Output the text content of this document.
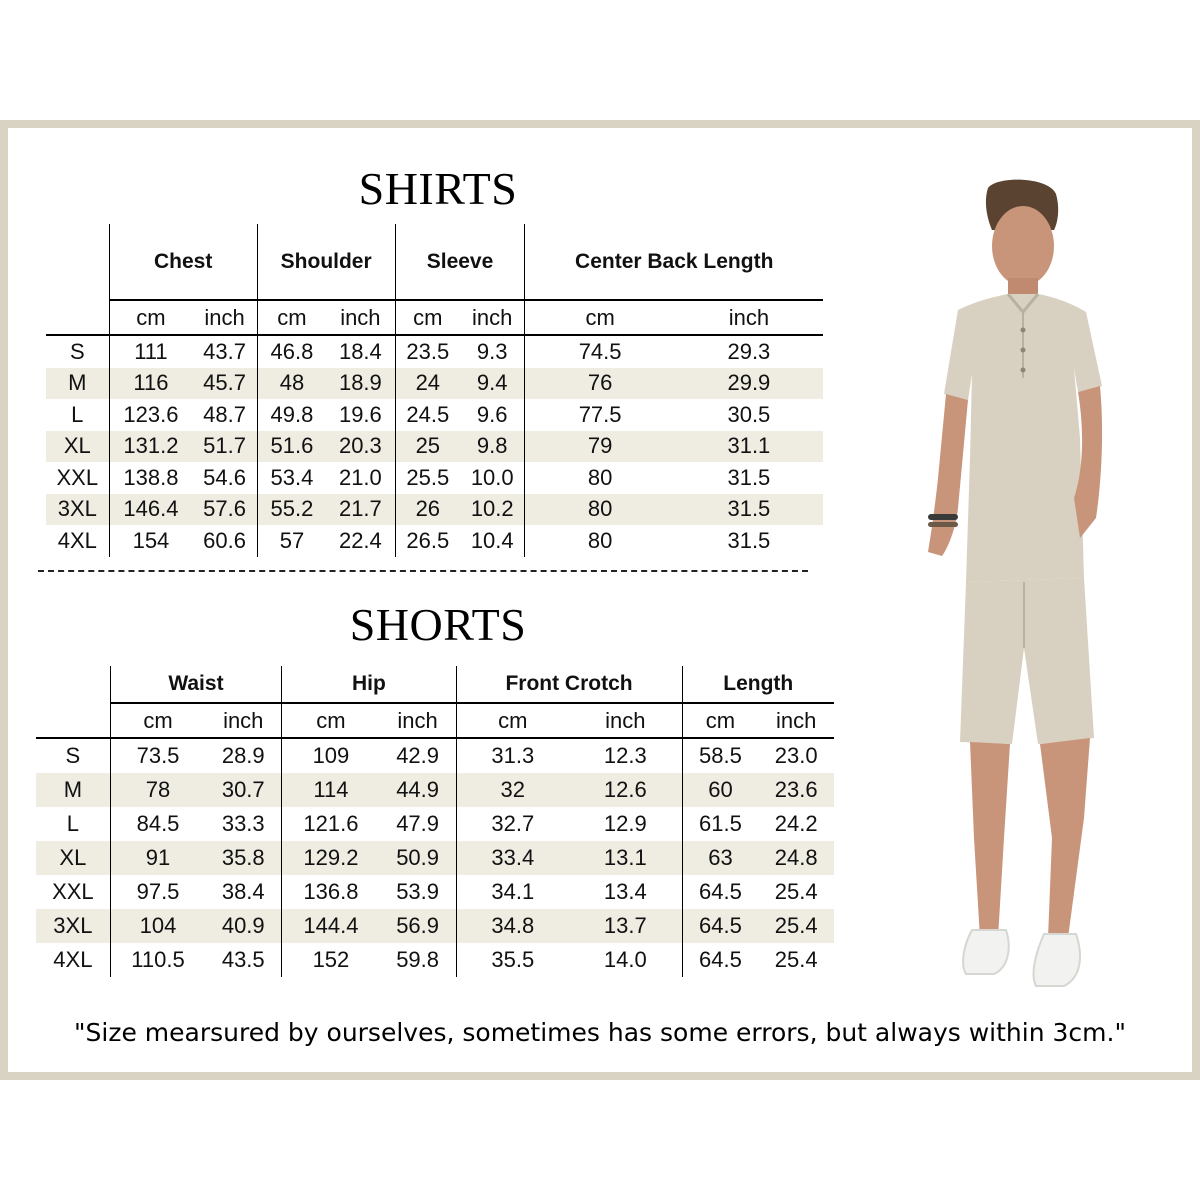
SHIRTS
	Chest		Shoulder		Sleeve		Center Back Length	
	cm	inch	cm	inch	cm	inch	cm	inch
S	111	43.7	46.8	18.4	23.5	9.3	74.5	29.3
M	116	45.7	48	18.9	24	9.4	76	29.9
L	123.6	48.7	49.8	19.6	24.5	9.6	77.5	30.5
XL	131.2	51.7	51.6	20.3	25	9.8	79	31.1
XXL	138.8	54.6	53.4	21.0	25.5	10.0	80	31.5
3XL	146.4	57.6	55.2	21.7	26	10.2	80	31.5
4XL	154	60.6	57	22.4	26.5	10.4	80	31.5
SHORTS
	Waist		Hip		Front Crotch		Length	
	cm	inch	cm	inch	cm	inch	cm	inch
S	73.5	28.9	109	42.9	31.3	12.3	58.5	23.0
M	78	30.7	114	44.9	32	12.6	60	23.6
L	84.5	33.3	121.6	47.9	32.7	12.9	61.5	24.2
XL	91	35.8	129.2	50.9	33.4	13.1	63	24.8
XXL	97.5	38.4	136.8	53.9	34.1	13.4	64.5	25.4
3XL	104	40.9	144.4	56.9	34.8	13.7	64.5	25.4
4XL	110.5	43.5	152	59.8	35.5	14.0	64.5	25.4

"Size mearsured by ourselves, sometimes has some errors, but always within 3cm."
